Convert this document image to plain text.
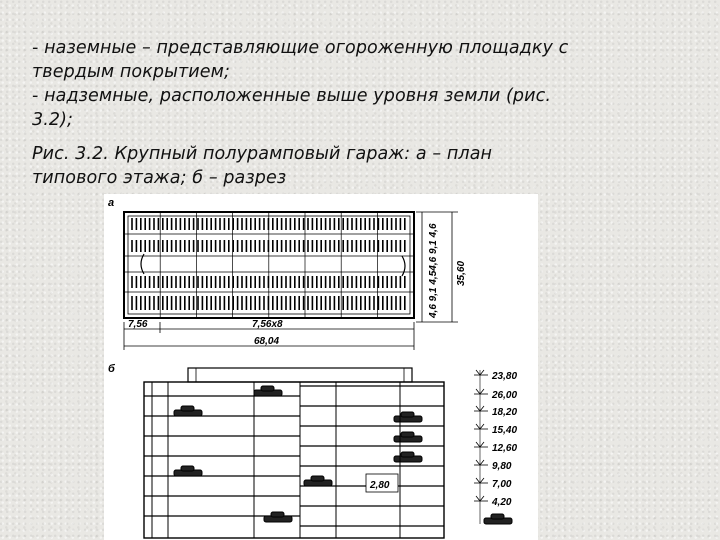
- наземные – представляющие огороженную площадку с
твердым покрытием;
- надземные, расположенные выше уровня земли (рис.
3.2);
Рис. 3.2. Крупный полурамповый гараж: а – план
типового этажа; б – разрез
а
4,6 9,1 4,54,6 9,1 4,6 35,60
7,56	7,56х8
68,04
б
2,80
23,80
26,00
18,20
15,40
12,60
9,80
7,00
4,20
